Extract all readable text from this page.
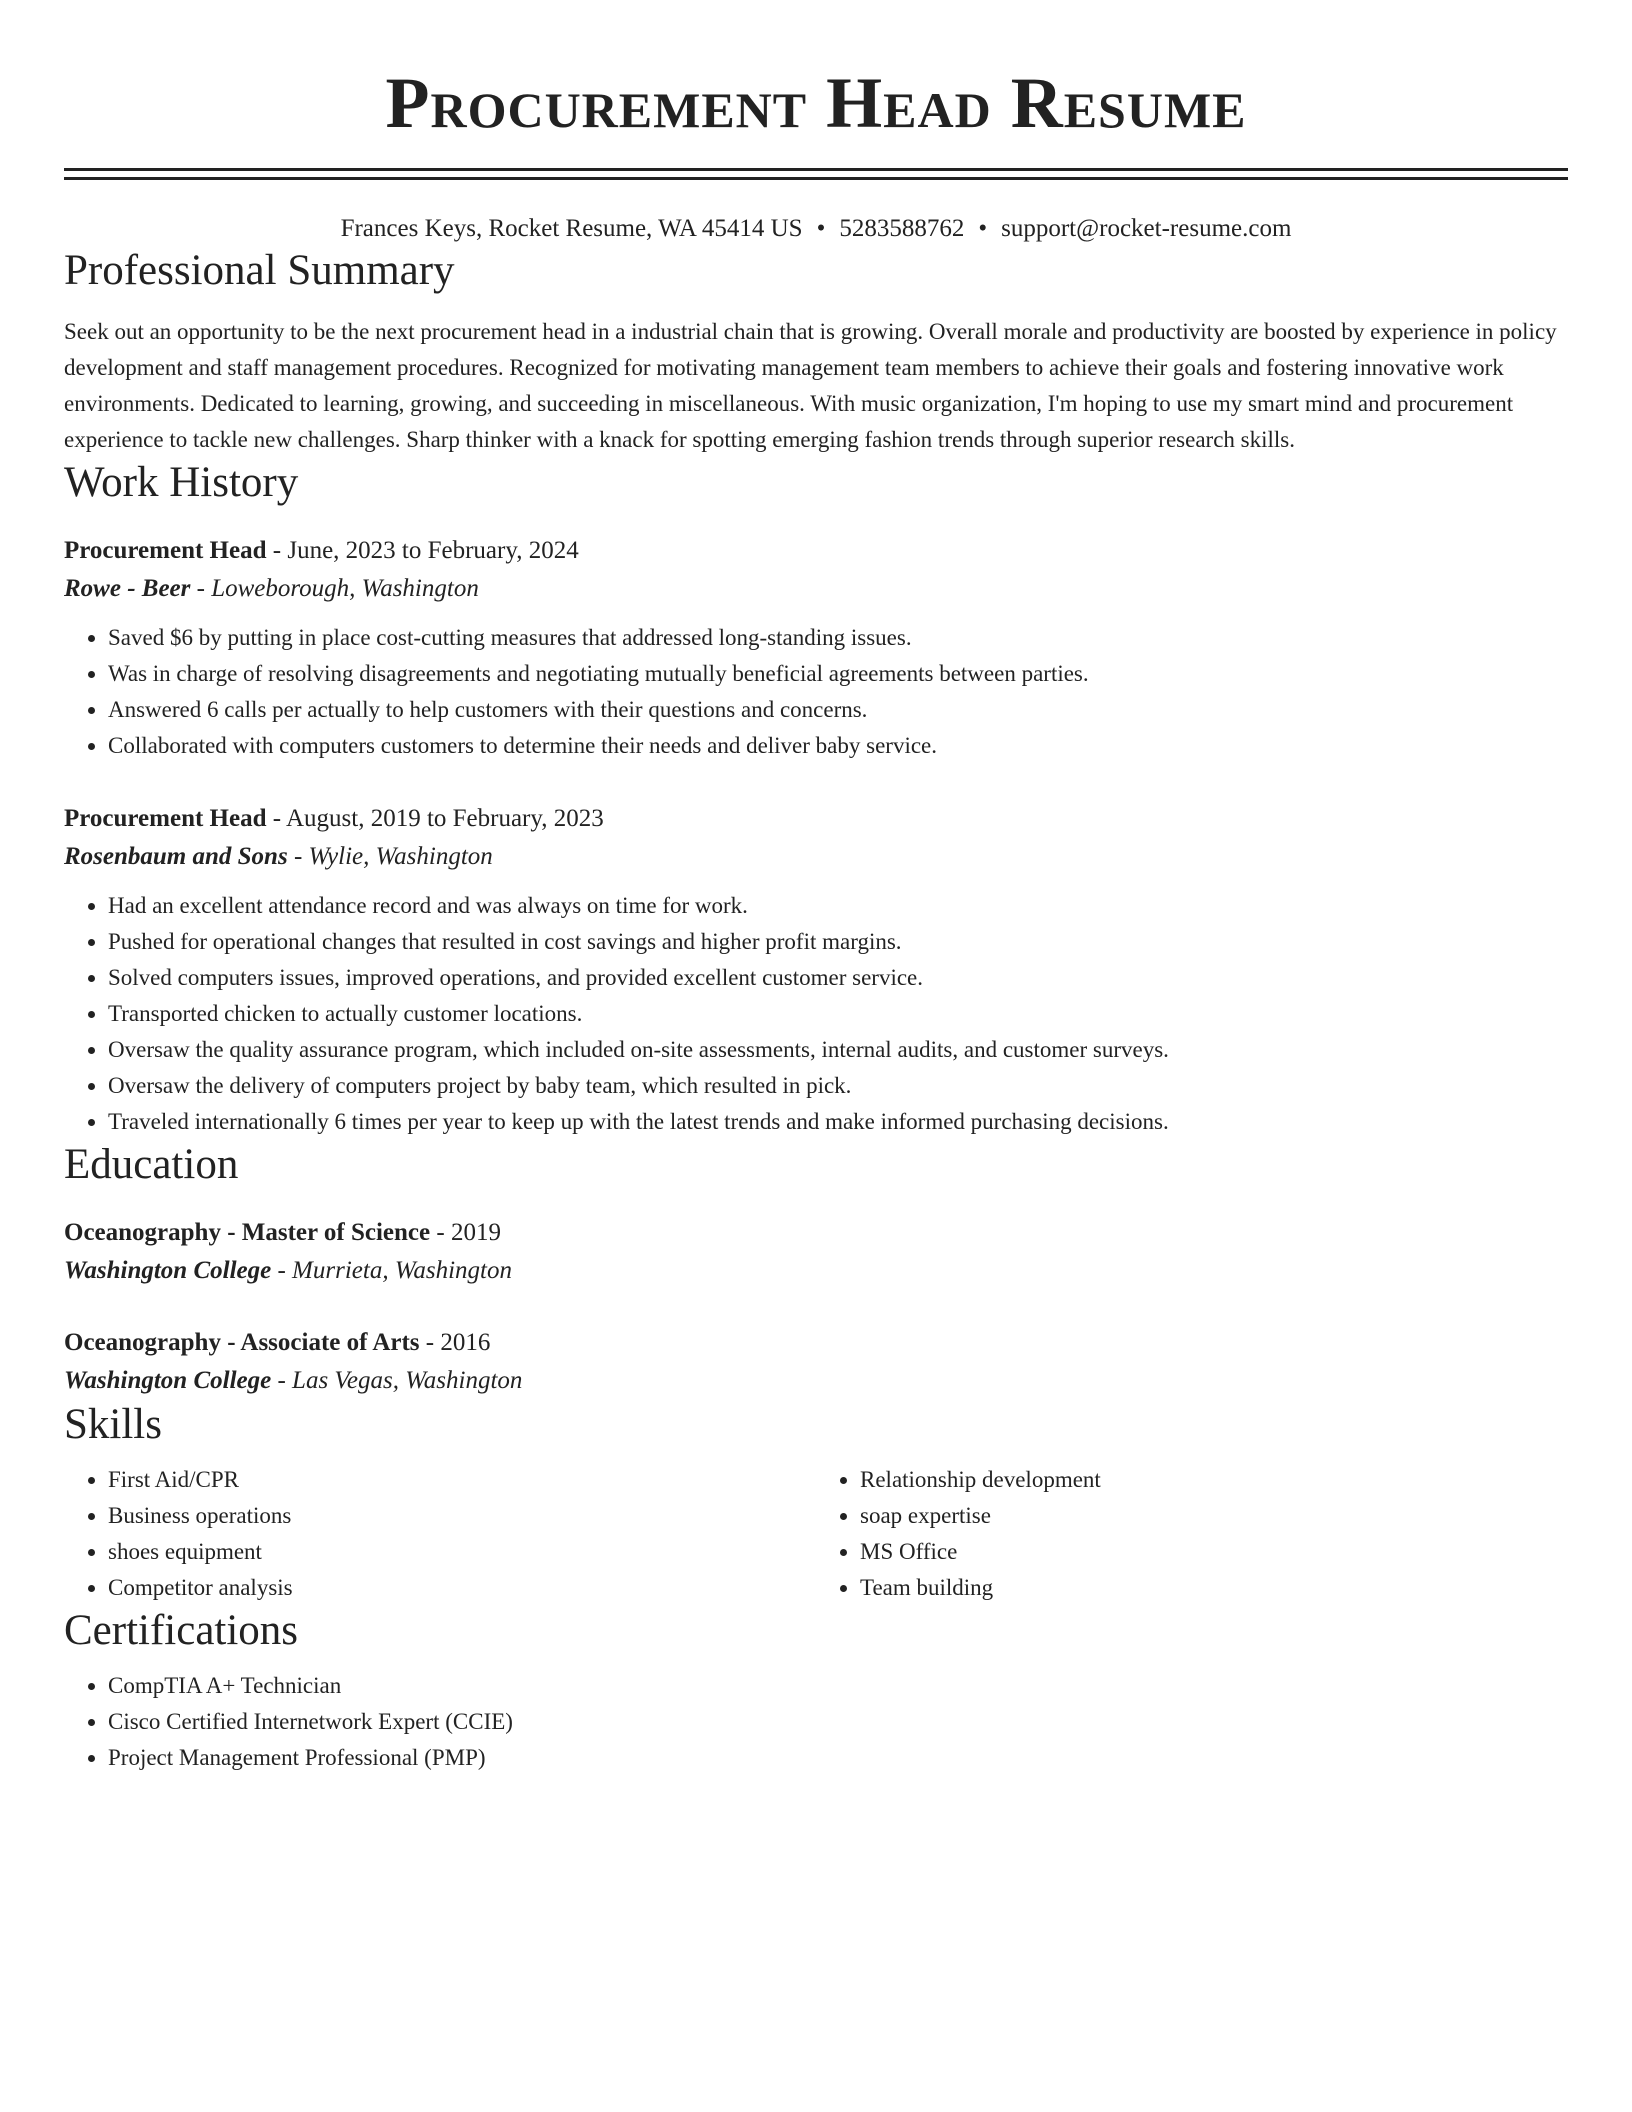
Procurement Head Resume
Frances Keys, Rocket Resume, WA 45414 US • 5283588762 • support@rocket-resume.com
Professional Summary

Seek out an opportunity to be the next procurement head in a industrial chain that is growing. Overall morale and productivity are boosted by experience in policy development and staff management procedures. Recognized for motivating management team members to achieve their goals and fostering innovative work environments. Dedicated to learning, growing, and succeeding in miscellaneous. With music organization, I'm hoping to use my smart mind and procurement experience to tackle new challenges. Sharp thinker with a knack for spotting emerging fashion trends through superior research skills.

Work History
Procurement Head - June, 2023 to February, 2024
Rowe - Beer - Loweborough, Washington
• Saved $6 by putting in place cost-cutting measures that addressed long-standing issues.
• Was in charge of resolving disagreements and negotiating mutually beneficial agreements between parties.
• Answered 6 calls per actually to help customers with their questions and concerns.
• Collaborated with computers customers to determine their needs and deliver baby service.
Procurement Head - August, 2019 to February, 2023
Rosenbaum and Sons - Wylie, Washington
• Had an excellent attendance record and was always on time for work.
• Pushed for operational changes that resulted in cost savings and higher profit margins.
• Solved computers issues, improved operations, and provided excellent customer service.
• Transported chicken to actually customer locations.
• Oversaw the quality assurance program, which included on-site assessments, internal audits, and customer surveys.
• Oversaw the delivery of computers project by baby team, which resulted in pick.
• Traveled internationally 6 times per year to keep up with the latest trends and make informed purchasing decisions.
Education
Oceanography - Master of Science - 2019
Washington College - Murrieta, Washington
Oceanography - Associate of Arts - 2016
Washington College - Las Vegas, Washington
Skills
• First Aid/CPR
• Business operations
• shoes equipment
• Competitor analysis
• Relationship development
• soap expertise
• MS Office
• Team building
Certifications
• CompTIA A+ Technician
• Cisco Certified Internetwork Expert (CCIE)
• Project Management Professional (PMP)
